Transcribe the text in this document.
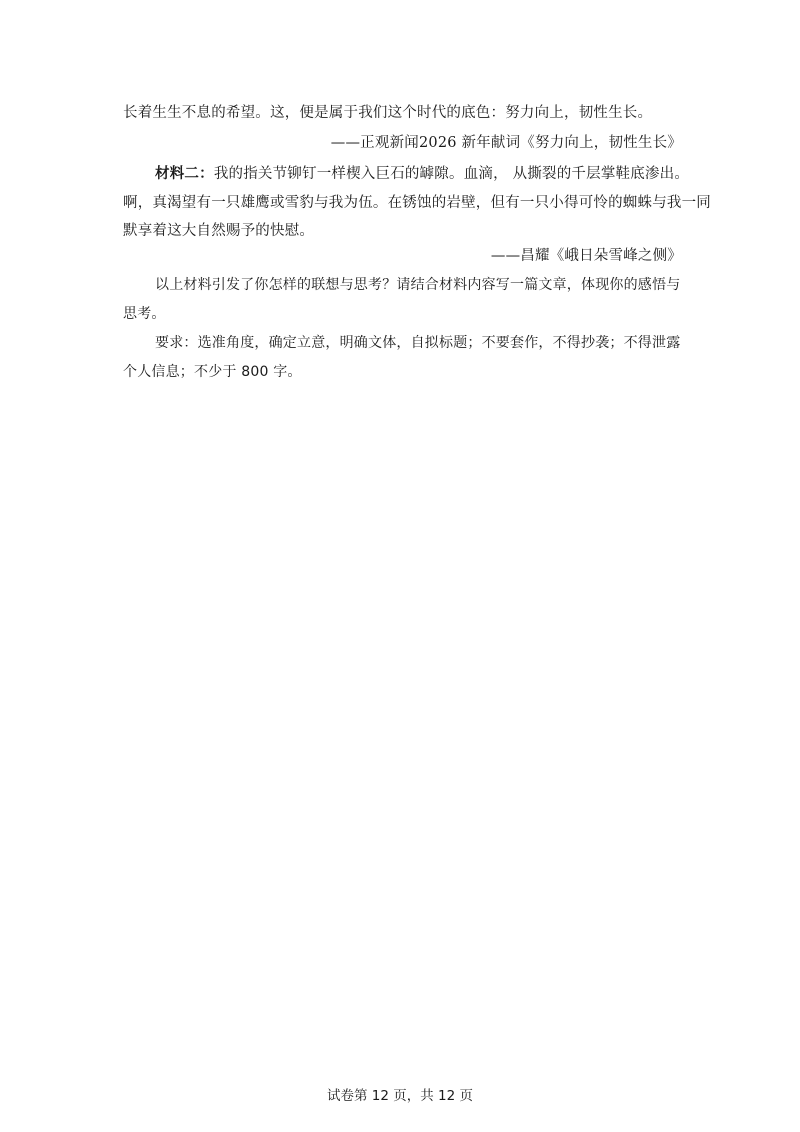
长着生生不息的希望。这，便是属于我们这个时代的底色：努力向上，韧性生长。
——正观新闻2026 新年献词《努力向上，韧性生长》
材料二：我的指关节铆钉一样楔入巨石的罅隙。血滴， 从撕裂的千层掌鞋底渗出。
啊，真渴望有一只雄鹰或雪豹与我为伍。在锈蚀的岩壁，但有一只小得可怜的蜘蛛与我一同
默享着这大自然赐予的快慰。
——昌耀《峨日朵雪峰之侧》
以上材料引发了你怎样的联想与思考？请结合材料内容写一篇文章，体现你的感悟与
思考。
要求：选准角度，确定立意，明确文体，自拟标题；不要套作，不得抄袭；不得泄露
个人信息；不少于 800 字。
试卷第 12 页，共 12 页
